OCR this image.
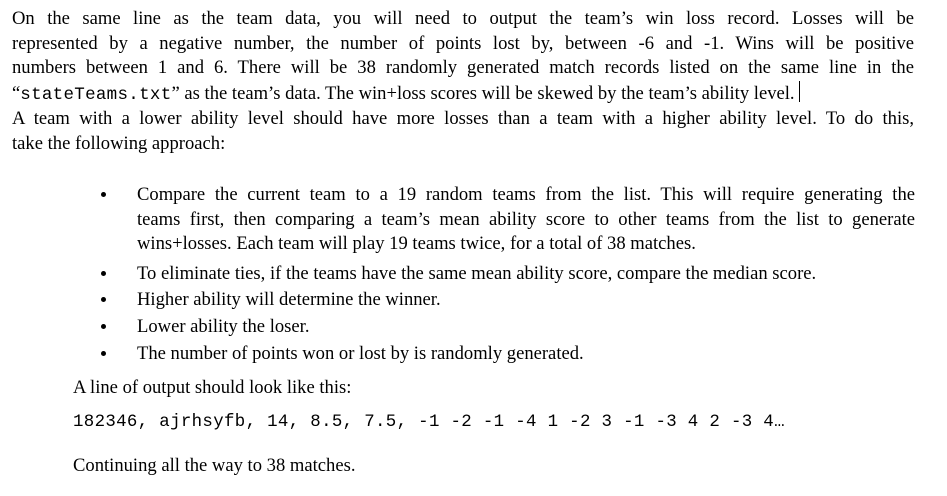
On the same line as the team data, you will need to output the team’s win loss record. Losses will be
represented by a negative number, the number of points lost by, between -6 and -1. Wins will be positive
numbers between 1 and 6. There will be 38 randomly generated match records listed on the same line in the
“stateTeams.txt” as the team’s data. The win+loss scores will be skewed by the team’s ability level.
A team with a lower ability level should have more losses than a team with a higher ability level. To do this,
take the following approach:
Compare the current team to a 19 random teams from the list. This will require generating the
teams first, then comparing a team’s mean ability score to other teams from the list to generate
wins+losses. Each team will play 19 teams twice, for a total of 38 matches.
To eliminate ties, if the teams have the same mean ability score, compare the median score.
Higher ability will determine the winner.
Lower ability the loser.
The number of points won or lost by is randomly generated.
A line of output should look like this:
182346, ajrhsyfb, 14, 8.5, 7.5, -1 -2 -1 -4 1 -2 3 -1 -3 4 2 -3 4…
Continuing all the way to 38 matches.
